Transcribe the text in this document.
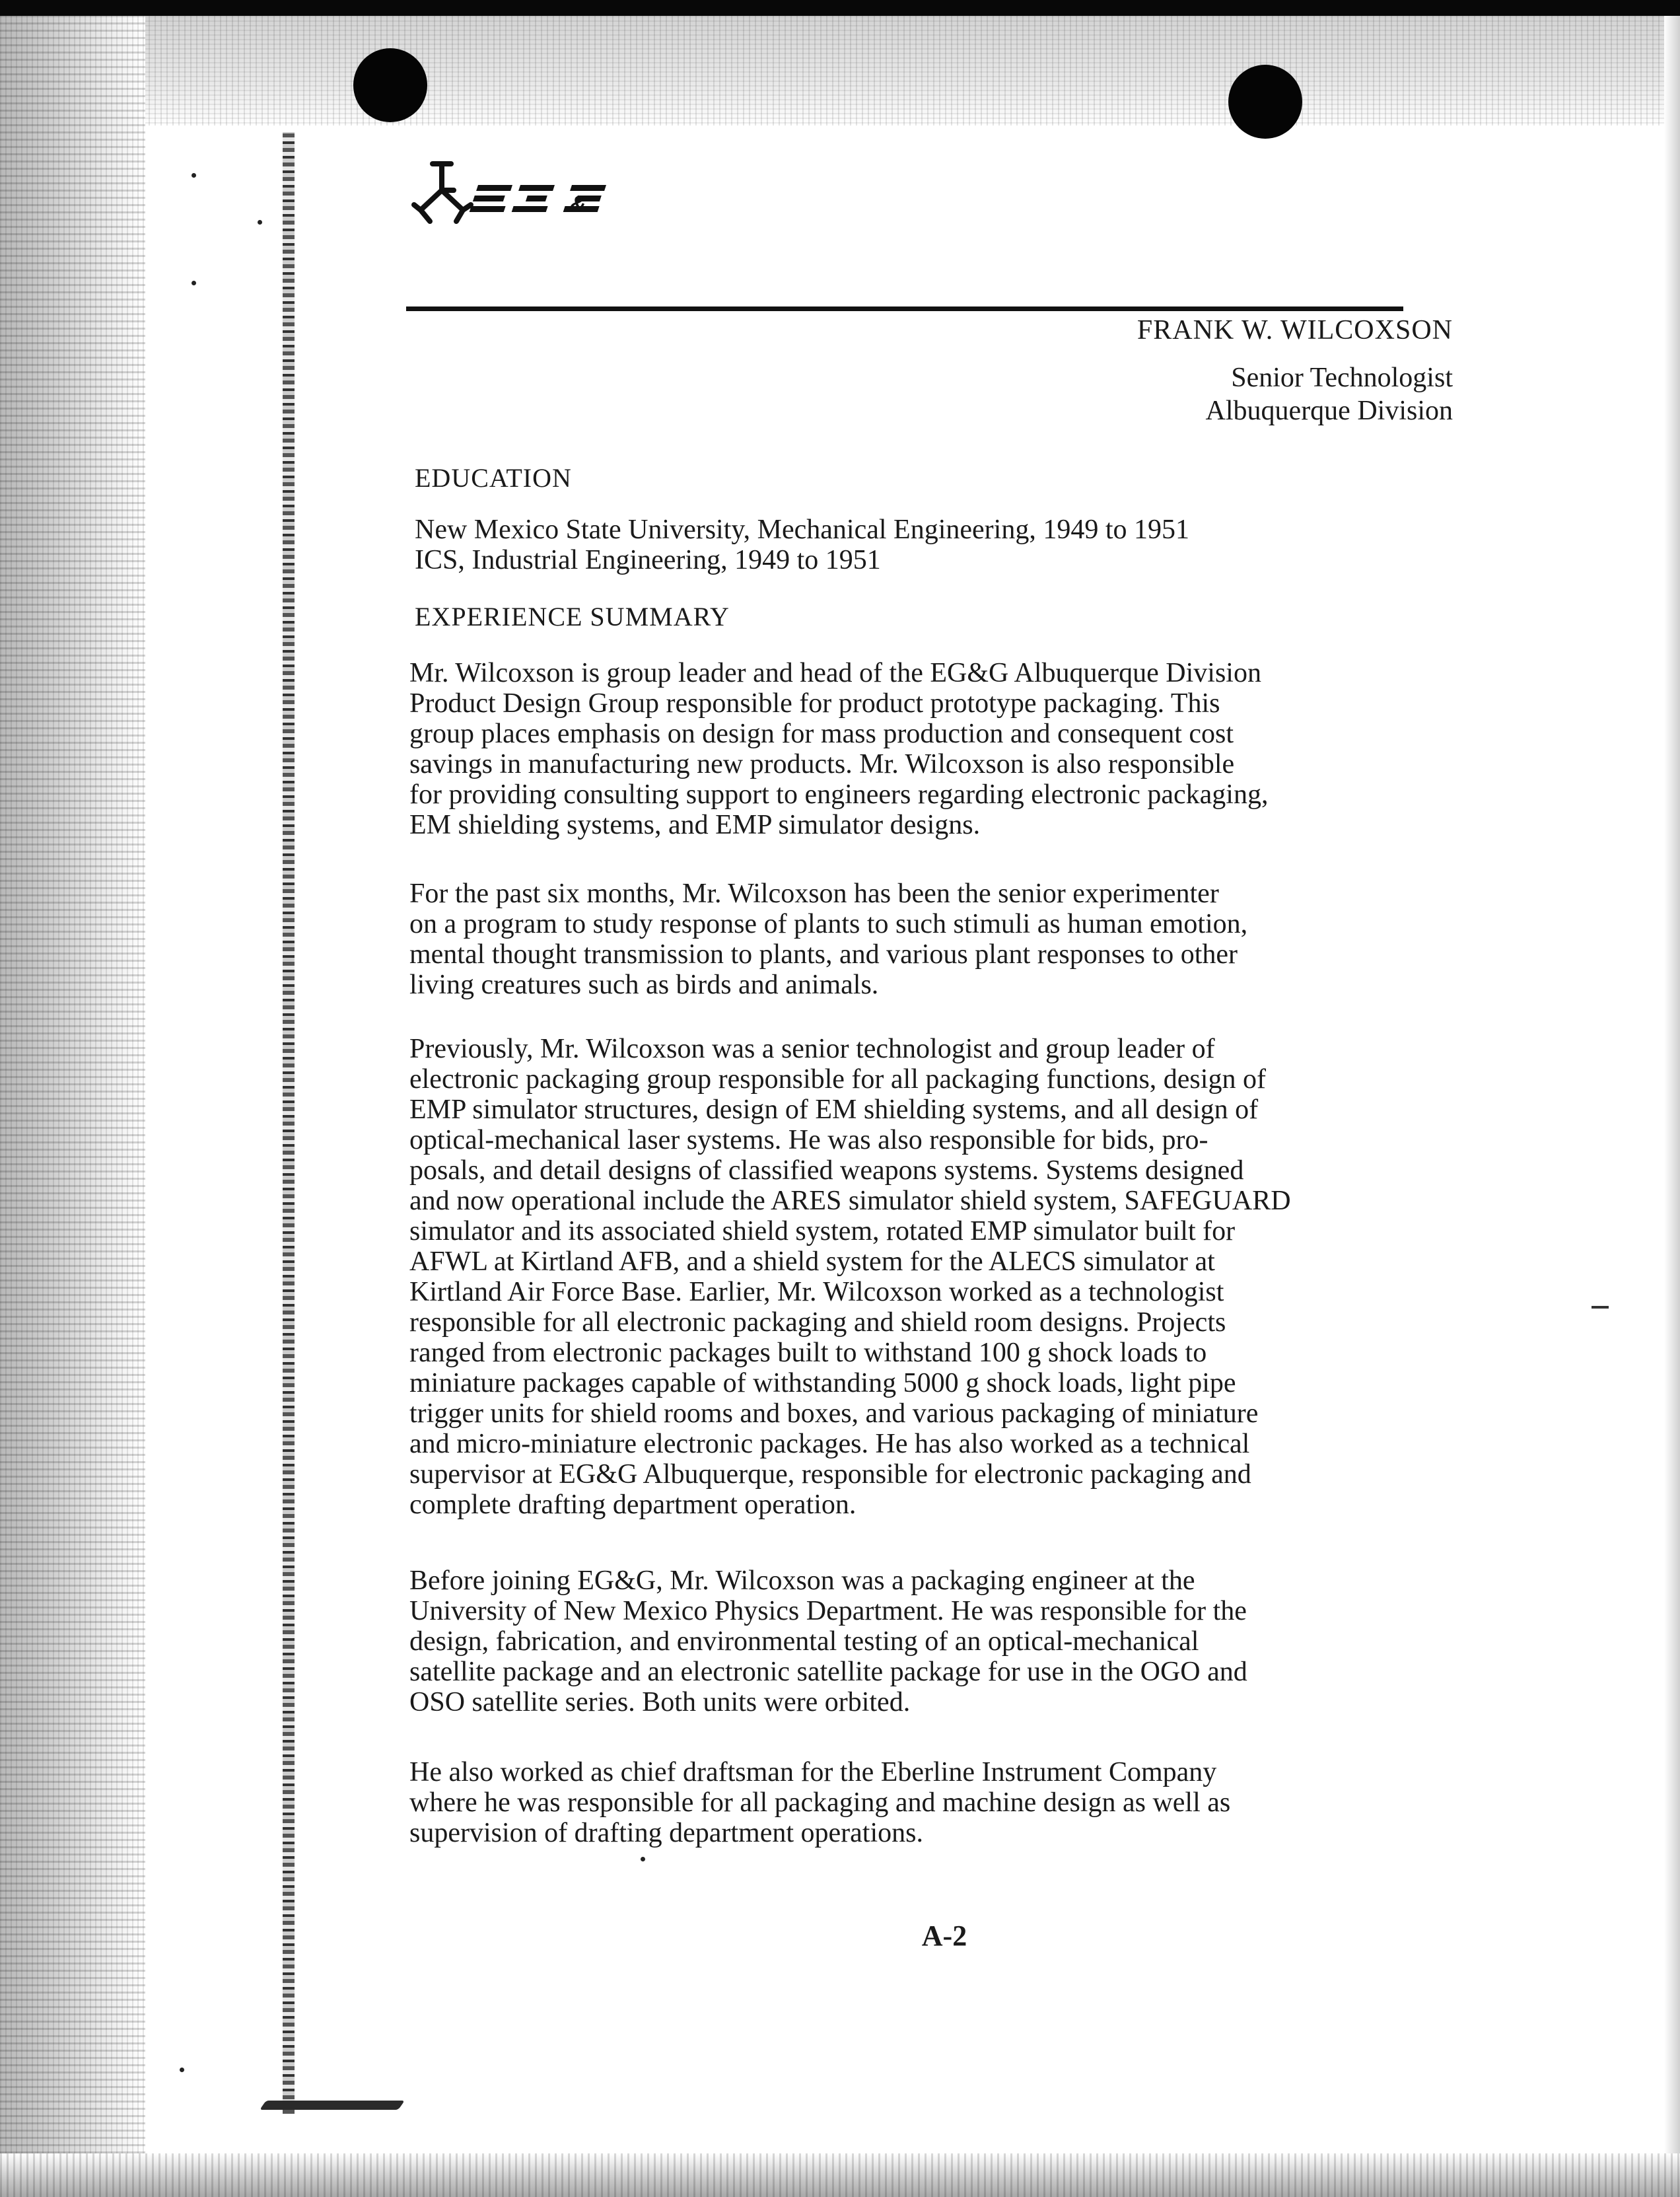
&
FRANK W. WILCOXSON
Senior Technologist
Albuquerque Division
EDUCATION
New Mexico State University, Mechanical Engineering, 1949 to 1951
ICS, Industrial Engineering, 1949 to 1951
EXPERIENCE SUMMARY

Mr. Wilcoxson is group leader and head of the EG&G Albuquerque Division

Product Design Group responsible for product prototype packaging. This

group places emphasis on design for mass production and consequent cost

savings in manufacturing new products. Mr. Wilcoxson is also responsible

for providing consulting support to engineers regarding electronic packaging,

EM shielding systems, and EMP simulator designs.

For the past six months, Mr. Wilcoxson has been the senior experimenter

on a program to study response of plants to such stimuli as human emotion,

mental thought transmission to plants, and various plant responses to other

living creatures such as birds and animals.

Previously, Mr. Wilcoxson was a senior technologist and group leader of

electronic packaging group responsible for all packaging functions, design of

EMP simulator structures, design of EM shielding systems, and all design of

optical-mechanical laser systems. He was also responsible for bids, pro-

posals, and detail designs of classified weapons systems. Systems designed

and now operational include the ARES simulator shield system, SAFEGUARD

simulator and its associated shield system, rotated EMP simulator built for

AFWL at Kirtland AFB, and a shield system for the ALECS simulator at

Kirtland Air Force Base. Earlier, Mr. Wilcoxson worked as a technologist

responsible for all electronic packaging and shield room designs. Projects

ranged from electronic packages built to withstand 100 g shock loads to

miniature packages capable of withstanding 5000 g shock loads, light pipe

trigger units for shield rooms and boxes, and various packaging of miniature

and micro-miniature electronic packages. He has also worked as a technical

supervisor at EG&G Albuquerque, responsible for electronic packaging and

complete drafting department operation.

Before joining EG&G, Mr. Wilcoxson was a packaging engineer at the

University of New Mexico Physics Department. He was responsible for the

design, fabrication, and environmental testing of an optical-mechanical

satellite package and an electronic satellite package for use in the OGO and

OSO satellite series. Both units were orbited.

He also worked as chief draftsman for the Eberline Instrument Company

where he was responsible for all packaging and machine design as well as

supervision of drafting department operations.

A-2
